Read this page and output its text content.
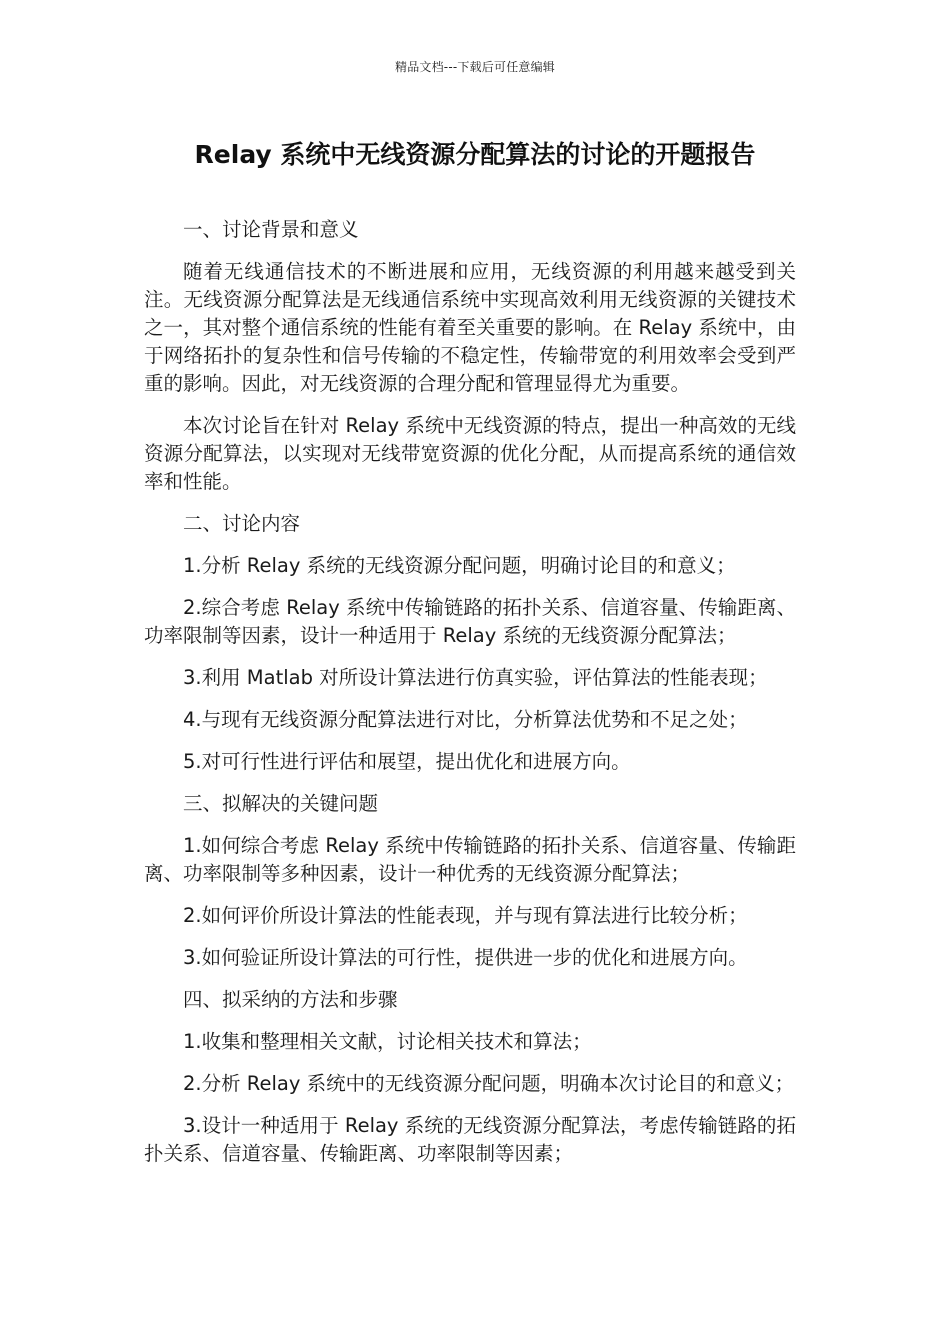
精品文档---下载后可任意编辑
Relay 系统中无线资源分配算法的讨论的开题报告

一、讨论背景和意义

随着无线通信技术的不断进展和应用，无线资源的利用越来越受到关注。无线资源分配算法是无线通信系统中实现高效利用无线资源的关键技术之一，其对整个通信系统的性能有着至关重要的影响。在 Relay 系统中，由于网络拓扑的复杂性和信号传输的不稳定性，传输带宽的利用效率会受到严重的影响。因此，对无线资源的合理分配和管理显得尤为重要。

本次讨论旨在针对 Relay 系统中无线资源的特点，提出一种高效的无线资源分配算法，以实现对无线带宽资源的优化分配，从而提高系统的通信效率和性能。

二、讨论内容

1.分析 Relay 系统的无线资源分配问题，明确讨论目的和意义；

2.综合考虑 Relay 系统中传输链路的拓扑关系、信道容量、传输距离、功率限制等因素，设计一种适用于 Relay 系统的无线资源分配算法；

3.利用 Matlab 对所设计算法进行仿真实验，评估算法的性能表现；

4.与现有无线资源分配算法进行对比，分析算法优势和不足之处；

5.对可行性进行评估和展望，提出优化和进展方向。

三、拟解决的关键问题

1.如何综合考虑 Relay 系统中传输链路的拓扑关系、信道容量、传输距离、功率限制等多种因素，设计一种优秀的无线资源分配算法；

2.如何评价所设计算法的性能表现，并与现有算法进行比较分析；

3.如何验证所设计算法的可行性，提供进一步的优化和进展方向。

四、拟采纳的方法和步骤

1.收集和整理相关文献，讨论相关技术和算法；

2.分析 Relay 系统中的无线资源分配问题，明确本次讨论目的和意义；

3.设计一种适用于 Relay 系统的无线资源分配算法，考虑传输链路的拓扑关系、信道容量、传输距离、功率限制等因素；
